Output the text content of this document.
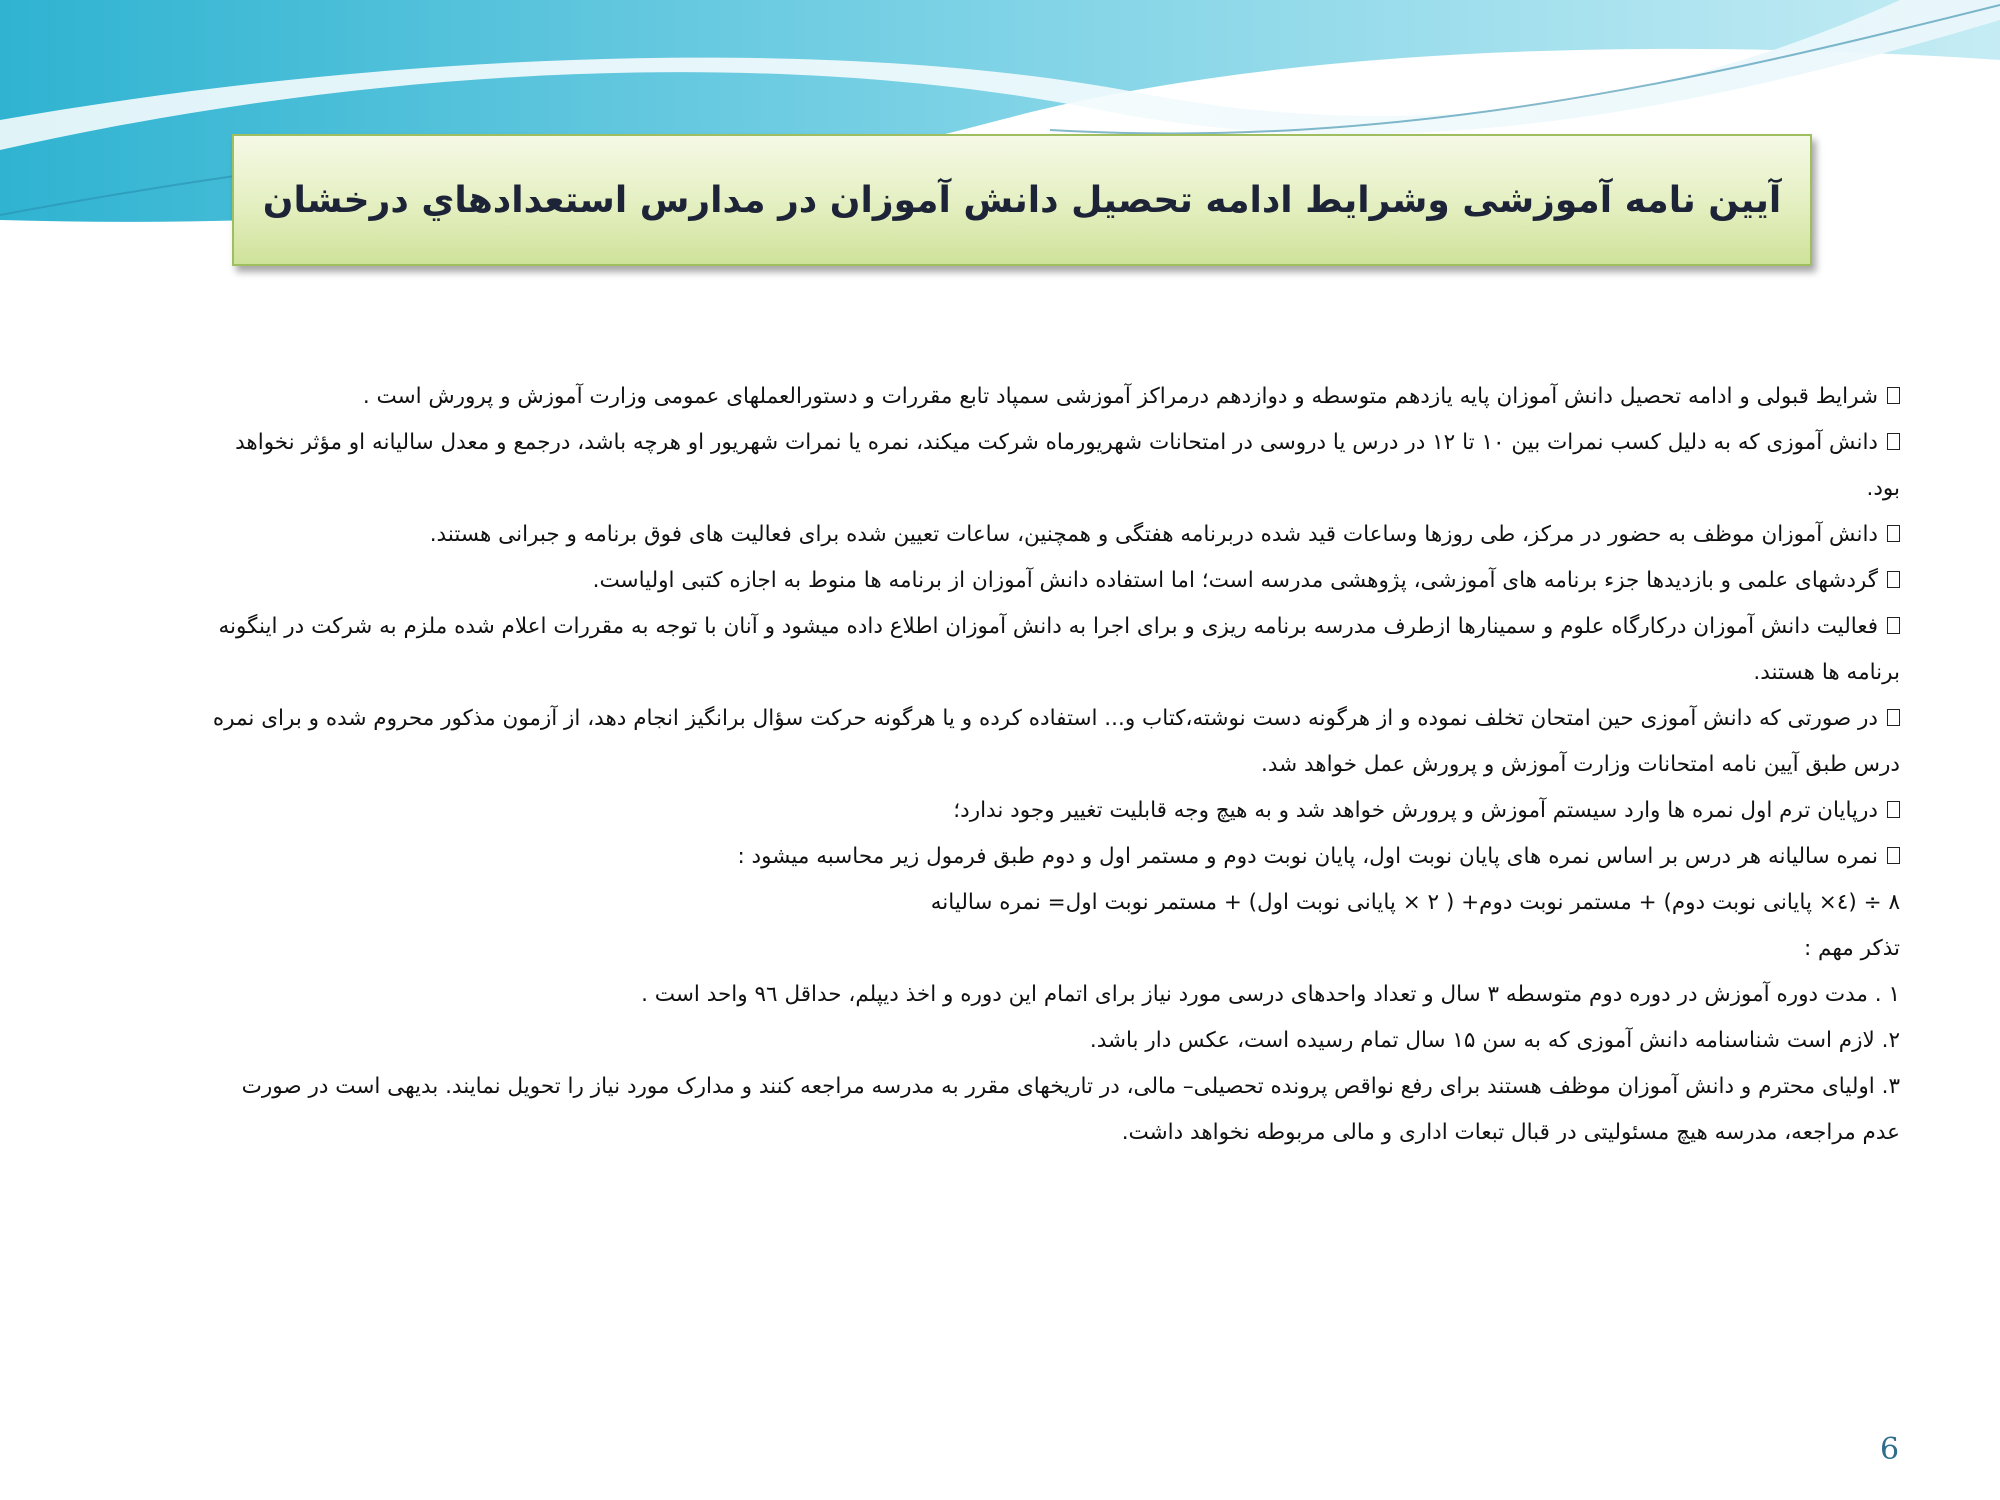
آیین نامه آموزشی وشرایط ادامه تحصیل دانش آموزان در مدارس استعدادهاي درخشان

شرایط قبولی و ادامه تحصیل دانش آموزان پایه یازدهم متوسطه و دوازدهم درمراکز آموزشی سمپاد تابع مقررات و دستورالعملهای عمومی وزارت آموزش و پرورش است .

دانش آموزی که به دلیل کسب نمرات بین ۱۰ تا ۱۲ در درس یا دروسی در امتحانات شهریورماه شرکت میکند، نمره یا نمرات شهریور او هرچه باشد، درجمع و معدل سالیانه او مؤثر نخواهد بود.

دانش آموزان موظف به حضور در مرکز، طی روزها وساعات قید شده دربرنامه هفتگی و همچنین، ساعات تعیین شده برای فعالیت های فوق برنامه و جبرانی هستند.

گردشهای علمی و بازدیدها جزء برنامه های آموزشی، پژوهشی مدرسه است؛ اما استفاده دانش آموزان از برنامه ها منوط به اجازه کتبی اولیاست.

فعالیت دانش آموزان درکارگاه علوم و سمینارها ازطرف مدرسه برنامه ریزی و برای اجرا به دانش آموزان اطلاع داده میشود و آنان با توجه به مقررات اعلام شده ملزم به شرکت در اینگونه برنامه ها هستند.

در صورتی که دانش آموزی حین امتحان تخلف نموده و از هرگونه دست نوشته،کتاب و... استفاده کرده و یا هرگونه حرکت سؤال برانگیز انجام دهد، از آزمون مذکور محروم شده و برای نمره درس طبق آیین نامه امتحانات وزارت آموزش و پرورش عمل خواهد شد.

درپایان ترم اول نمره ها وارد سیستم آموزش و پرورش خواهد شد و به هیچ وجه قابلیت تغییر وجود ندارد؛

نمره سالیانه هر درس بر اساس نمره های پایان نوبت اول، پایان نوبت دوم و مستمر اول و دوم طبق فرمول زیر محاسبه میشود :

۸ ÷ (٤× پایانی نوبت دوم) + مستمر نوبت دوم+ ( ۲ × پایانی نوبت اول) + مستمر نوبت اول= نمره سالیانه

تذکر مهم :

۱ . مدت دوره آموزش در دوره دوم متوسطه ۳ سال و تعداد واحدهای درسی مورد نیاز برای اتمام این دوره و اخذ دیپلم، حداقل ۹٦ واحد است .

۲. لازم است شناسنامه دانش آموزی که به سن ۱۵ سال تمام رسیده است، عکس دار باشد.

۳. اولیای محترم و دانش آموزان موظف هستند برای رفع نواقص پرونده تحصیلی– مالی، در تاریخهای مقرر به مدرسه مراجعه کنند و مدارک مورد نیاز را تحویل نمایند. بدیهی است در صورت عدم مراجعه، مدرسه هیچ مسئولیتی در قبال تبعات اداری و مالی مربوطه نخواهد داشت.

6
